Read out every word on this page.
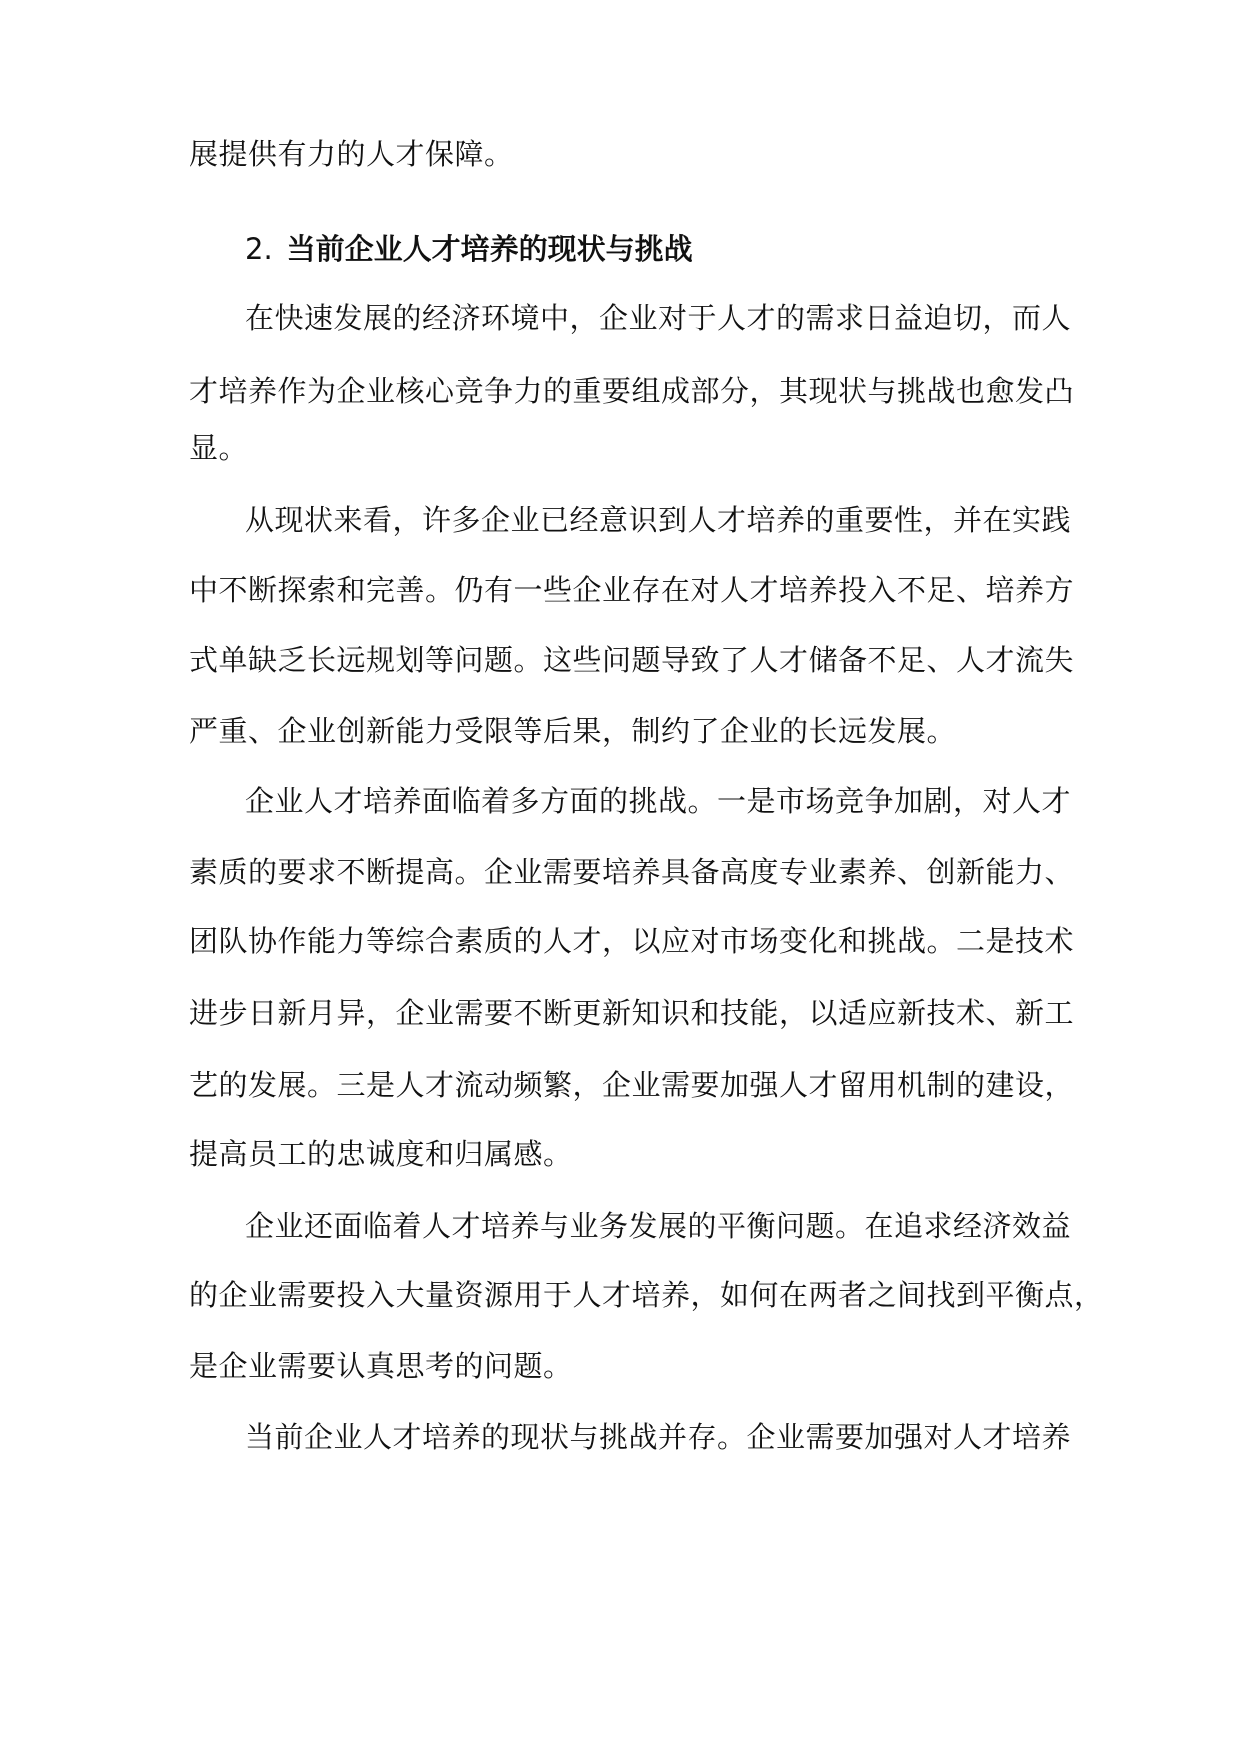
展提供有力的人才保障。
2. 当前企业人才培养的现状与挑战
在快速发展的经济环境中，企业对于人才的需求日益迫切，而人
才培养作为企业核心竞争力的重要组成部分，其现状与挑战也愈发凸
显。
从现状来看，许多企业已经意识到人才培养的重要性，并在实践
中不断探索和完善。仍有一些企业存在对人才培养投入不足、培养方
式单缺乏长远规划等问题。这些问题导致了人才储备不足、人才流失
严重、企业创新能力受限等后果，制约了企业的长远发展。
企业人才培养面临着多方面的挑战。一是市场竞争加剧，对人才
素质的要求不断提高。企业需要培养具备高度专业素养、创新能力、
团队协作能力等综合素质的人才，以应对市场变化和挑战。二是技术
进步日新月异，企业需要不断更新知识和技能，以适应新技术、新工
艺的发展。三是人才流动频繁，企业需要加强人才留用机制的建设，
提高员工的忠诚度和归属感。
企业还面临着人才培养与业务发展的平衡问题。在追求经济效益
的企业需要投入大量资源用于人才培养，如何在两者之间找到平衡点，
是企业需要认真思考的问题。
当前企业人才培养的现状与挑战并存。企业需要加强对人才培养
